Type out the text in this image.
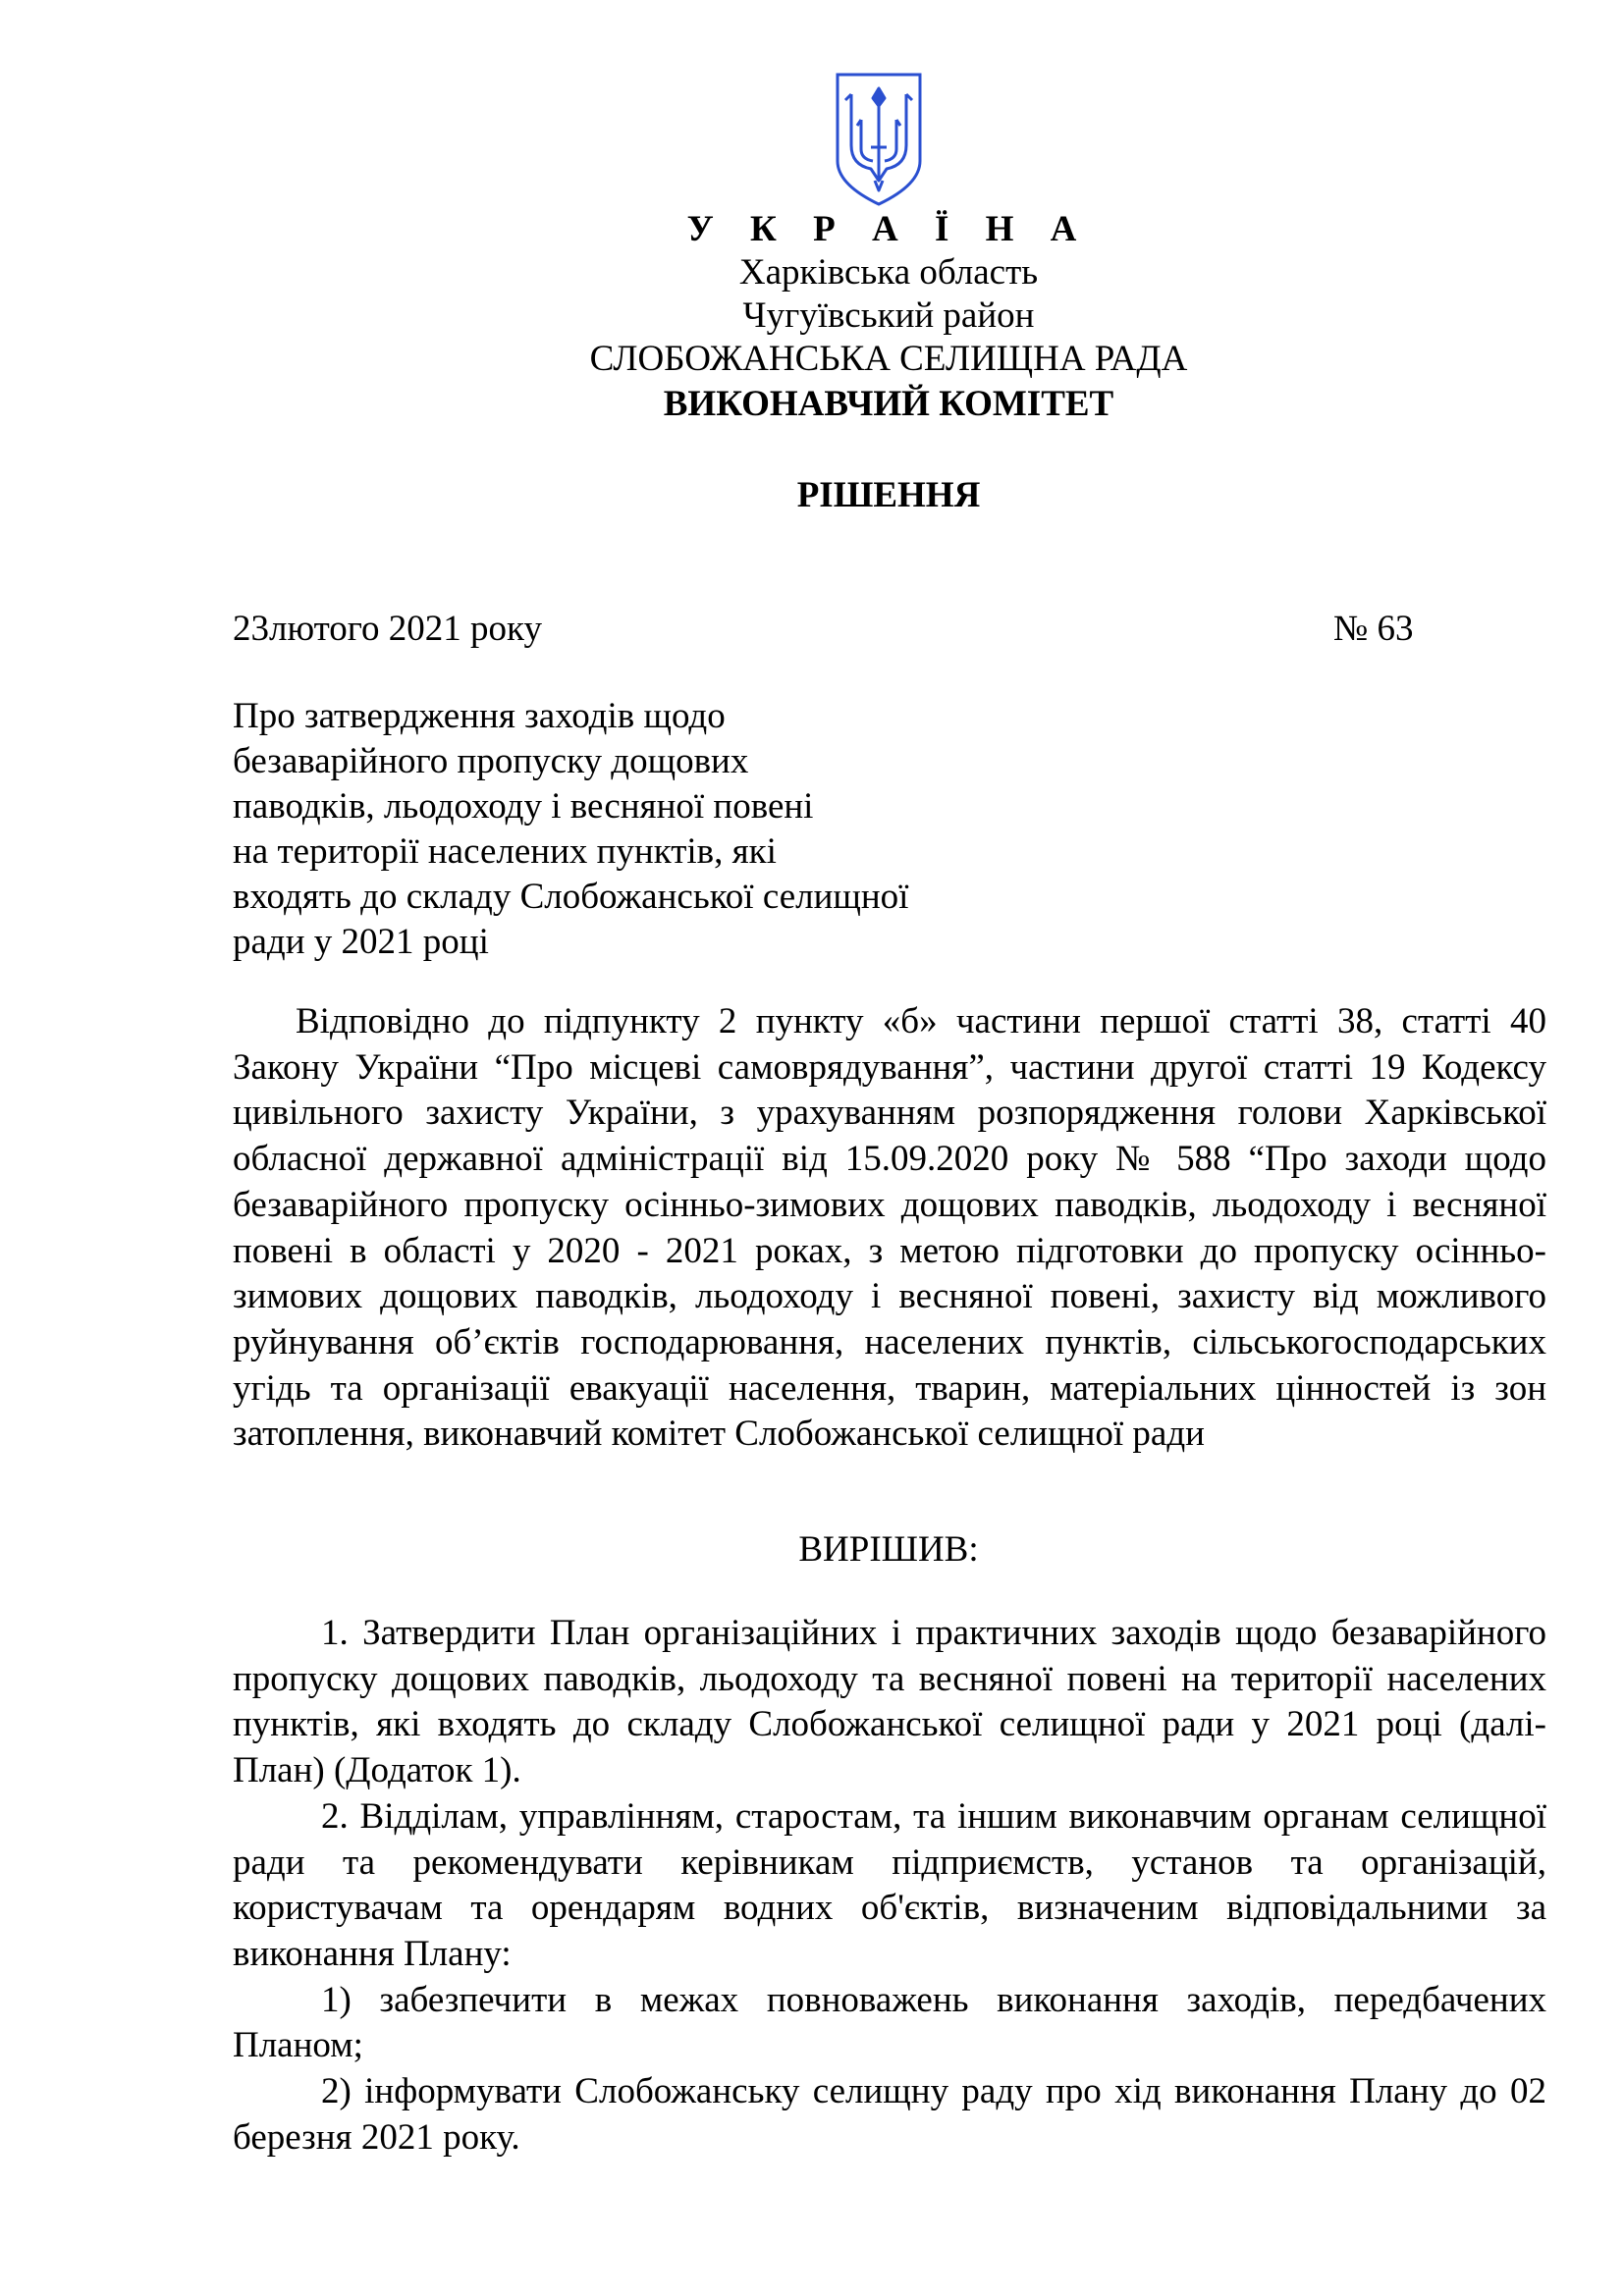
У К Р А Ї Н А
Харківська область
Чугуївський район
СЛОБОЖАНСЬКА СЕЛИЩНА РАДА
ВИКОНАВЧИЙ КОМІТЕТ
РІШЕННЯ
23лютого 2021 року	№ 63
Про затвердження заходів щодо
безаварійного пропуску дощових
паводків, льодоходу і весняної повені
на території населених пунктів, які
входять до складу Слобожанської селищної
ради у 2021 році

Відповідно до підпункту 2 пункту «б» частини першої статті 38, статті 40 Закону України “Про місцеві самоврядування”, частини другої статті 19 Кодексу цивільного захисту України, з урахуванням розпорядження голови Харківської обласної державної адміністрації від 15.09.2020 року № 588 “Про заходи щодо безаварійного пропуску осінньо-зимових дощових паводків, льодоходу і весняної повені в області у 2020 - 2021 роках, з метою підготовки до пропуску осінньо-зимових дощових паводків, льодоходу і весняної повені, захисту від можливого руйнування об’єктів господарювання, населених пунктів, сільськогосподарських угідь та організації евакуації населення, тварин, матеріальних цінностей із зон затоплення, виконавчий комітет Слобожанської селищної ради

ВИРІШИВ:

1. Затвердити План організаційних і практичних заходів щодо безаварійного пропуску дощових паводків, льодоходу та весняної повені на території населених пунктів, які входять до складу Слобожанської селищної ради у 2021 році (далі-План) (Додаток 1).

2. Відділам, управлінням, старостам, та іншим виконавчим органам селищної ради та рекомендувати керівникам підприємств, установ та організацій, користувачам та орендарям водних об'єктів, визначеним відповідальними за виконання Плану:

1) забезпечити в межах повноважень виконання заходів, передбачених Планом;

2) інформувати Слобожанську селищну раду про хід виконання Плану до 02 березня 2021 року.
